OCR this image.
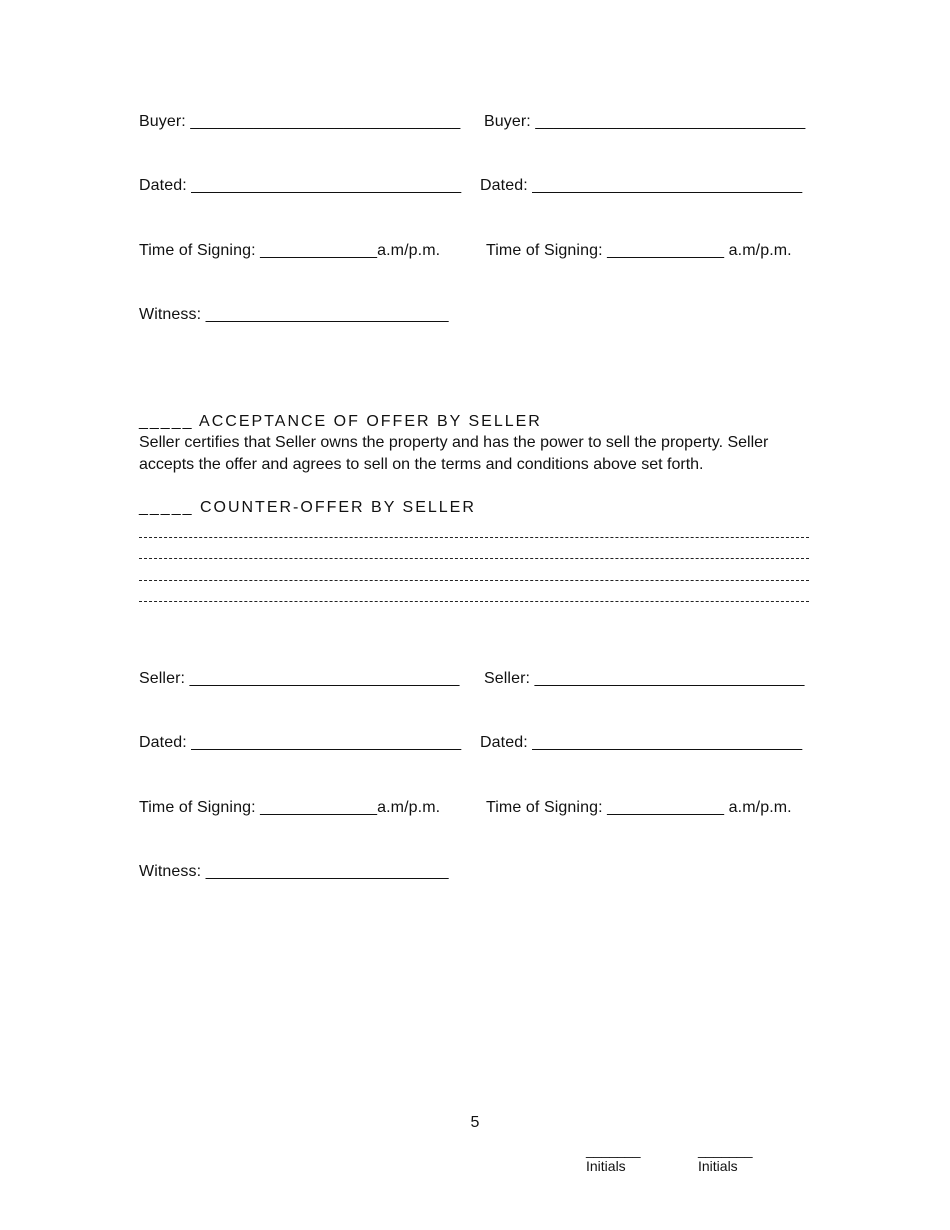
Buyer: ______________________________ Buyer: ______________________________
Dated: ______________________________ Dated: ______________________________
Time of Signing: _____________a.m/p.m.	Time of Signing: _____________ a.m/p.m.
Witness: ___________________________
_____ ACCEPTANCE OF OFFER BY SELLER
Seller certifies that Seller owns the property and has the power to sell the property. Seller accepts the offer and agrees to sell on the terms and conditions above set forth.
_____ COUNTER-OFFER BY SELLER
Seller: ______________________________ Seller: ______________________________
Dated: ______________________________ Dated: ______________________________
Time of Signing: _____________a.m/p.m.	Time of Signing: _____________ a.m/p.m.
Witness: ___________________________
5
_______
Initials
_______
Initials
